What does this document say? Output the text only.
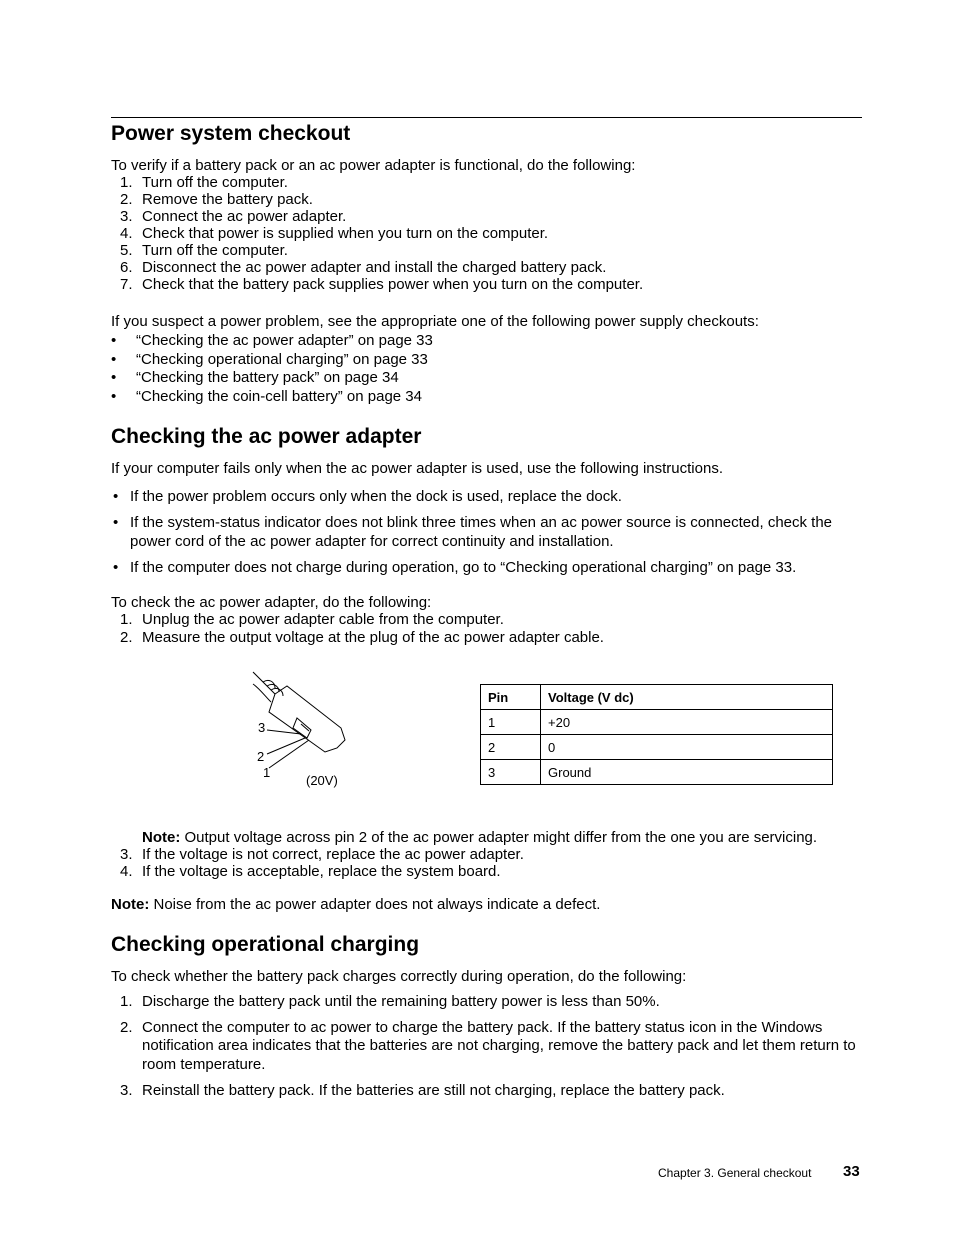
Power system checkout

To verify if a battery pack or an ac power adapter is functional, do the following:

1. Turn off the computer.
2. Remove the battery pack.
3. Connect the ac power adapter.
4. Check that power is supplied when you turn on the computer.
5. Turn off the computer.
6. Disconnect the ac power adapter and install the charged battery pack.
7. Check that the battery pack supplies power when you turn on the computer.

If you suspect a power problem, see the appropriate one of the following power supply checkouts:

• “Checking the ac power adapter” on page 33
• “Checking operational charging” on page 33
• “Checking the battery pack” on page 34
• “Checking the coin-cell battery” on page 34
Checking the ac power adapter

If your computer fails only when the ac power adapter is used, use the following instructions.

• If the power problem occurs only when the dock is used, replace the dock.
• If the system-status indicator does not blink three times when an ac power source is connected, check the power cord of the ac power adapter for correct continuity and installation.
• If the computer does not charge during operation, go to “Checking operational charging” on page 33.

To check the ac power adapter, do the following:

1. Unplug the ac power adapter cable from the computer.
2. Measure the output voltage at the plug of the ac power adapter cable.
3
2
1
(20V)
Pin	Voltage (V dc)
1	+20
2	0
3	Ground

Note: Output voltage across pin 2 of the ac power adapter might differ from the one you are servicing.

3. If the voltage is not correct, replace the ac power adapter.
4. If the voltage is acceptable, replace the system board.

Note: Noise from the ac power adapter does not always indicate a defect.

Checking operational charging

To check whether the battery pack charges correctly during operation, do the following:

1. Discharge the battery pack until the remaining battery power is less than 50%.
2. Connect the computer to ac power to charge the battery pack. If the battery status icon in the Windows notification area indicates that the batteries are not charging, remove the battery pack and let them return to room temperature.
3. Reinstall the battery pack. If the batteries are still not charging, replace the battery pack.
Chapter 3. General checkout 33
